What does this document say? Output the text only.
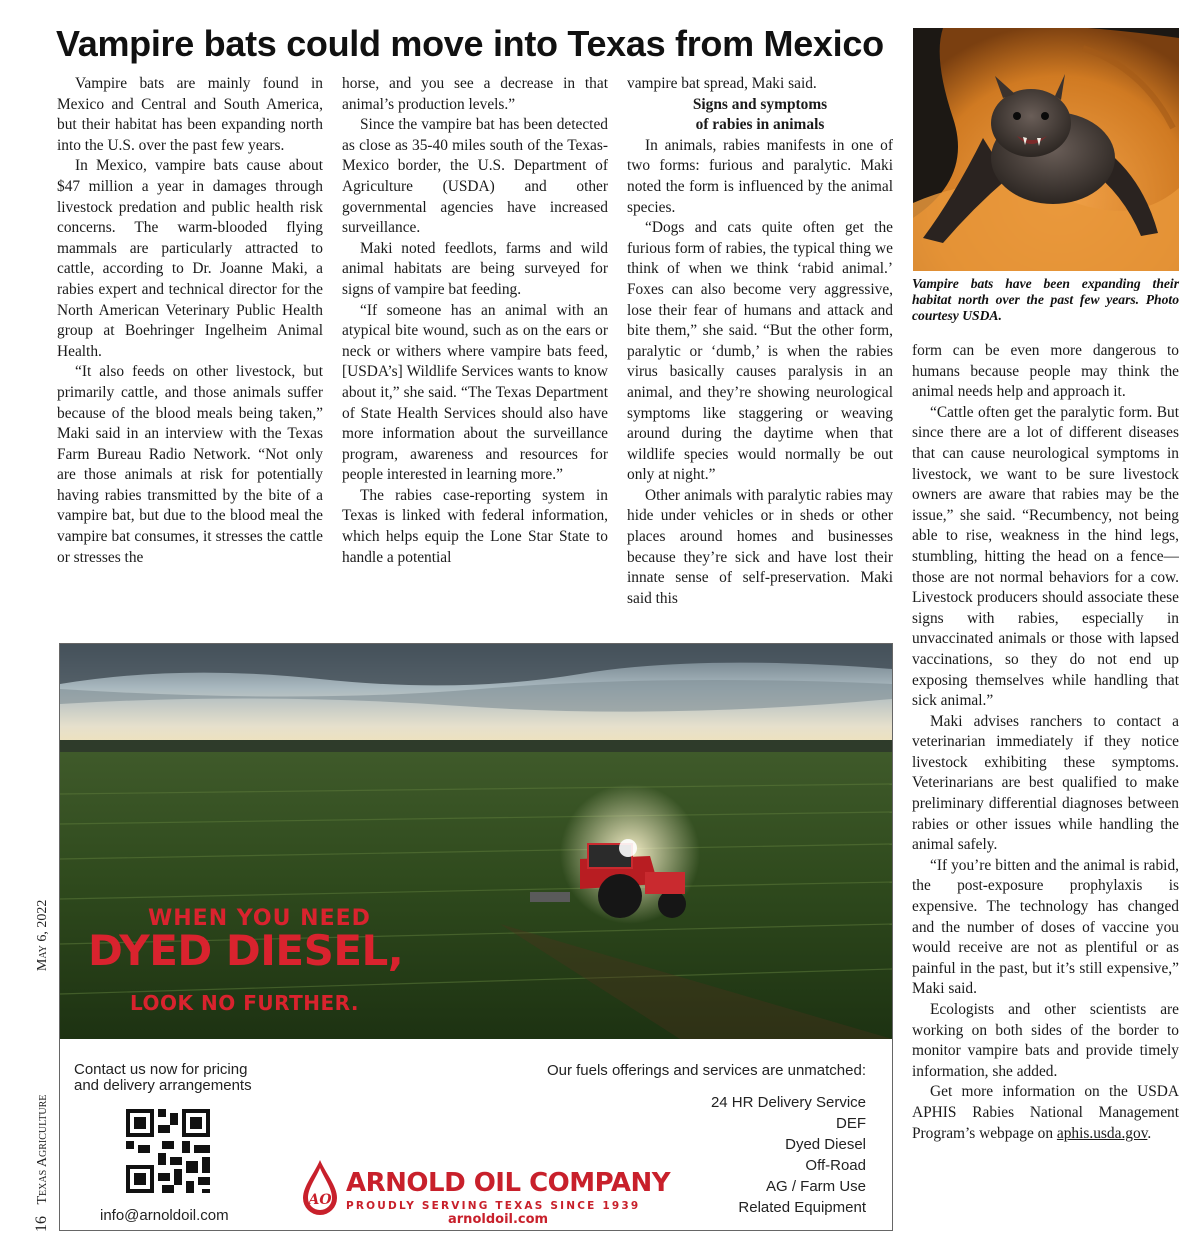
Vampire bats could move into Texas from Mexico

Vampire bats are mainly found in Mexico and Central and South America, but their habitat has been expanding north into the U.S. over the past few years.

In Mexico, vampire bats cause about $47 million a year in damages through livestock predation and public health risk concerns. The warm-blooded flying mammals are particularly attracted to cattle, according to Dr. Joanne Maki, a rabies expert and technical director for the North American Veterinary Public Health group at Boehringer Ingelheim Animal Health.

“It also feeds on other livestock, but primarily cattle, and those animals suffer because of the blood meals being taken,” Maki said in an interview with the Texas Farm Bureau Radio Network. “Not only are those animals at risk for potentially having rabies transmitted by the bite of a vampire bat, but due to the blood meal the vampire bat consumes, it stresses the cattle or stresses the

horse, and you see a decrease in that animal’s production levels.”

Since the vampire bat has been detected as close as 35-40 miles south of the Texas-Mexico border, the U.S. Department of Agriculture (USDA) and other governmental agencies have increased surveillance.

Maki noted feedlots, farms and wild animal habitats are being surveyed for signs of vampire bat feeding.

“If someone has an animal with an atypical bite wound, such as on the ears or neck or withers where vampire bats feed, [USDA’s] Wildlife Services wants to know about it,” she said. “The Texas Department of State Health Services should also have more information about the surveillance program, awareness and resources for people interested in learning more.”

The rabies case-reporting system in Texas is linked with federal information, which helps equip the Lone Star State to handle a potential

vampire bat spread, Maki said.

Signs and symptoms

of rabies in animals

In animals, rabies manifests in one of two forms: furious and paralytic. Maki noted the form is influenced by the animal species.

“Dogs and cats quite often get the furious form of rabies, the typical thing we think of when we think ‘rabid animal.’ Foxes can also become very aggressive, lose their fear of humans and attack and bite them,” she said. “But the other form, paralytic or ‘dumb,’ is when the rabies virus basically causes paralysis in an animal, and they’re showing neurological symptoms like staggering or weaving around during the daytime when that wildlife species would normally be out only at night.”

Other animals with paralytic rabies may hide under vehicles or in sheds or other places around homes and businesses because they’re sick and have lost their innate sense of self-preservation. Maki said this

Vampire bats have been expanding their habitat north over the past few years. Photo courtesy USDA.

form can be even more dangerous to humans because people may think the animal needs help and approach it.

“Cattle often get the paralytic form. But since there are a lot of different diseases that can cause neurological symptoms in livestock, we want to be sure livestock owners are aware that rabies may be the issue,” she said. “Recumbency, not being able to rise, weakness in the hind legs, stumbling, hitting the head on a fence—those are not normal behaviors for a cow. Livestock producers should associate these signs with rabies, especially in unvaccinated animals or those with lapsed vaccinations, so they do not end up exposing themselves while handling that sick animal.”

Maki advises ranchers to contact a veterinarian immediately if they notice livestock exhibiting these symptoms. Veterinarians are best qualified to make preliminary differential diagnoses between rabies or other issues while handling the animal safely.

“If you’re bitten and the animal is rabid, the post-exposure prophylaxis is expensive. The technology has changed and the number of doses of vaccine you would receive are not as plentiful or as painful in the past, but it’s still expensive,” Maki said.

Ecologists and other scientists are working on both sides of the border to monitor vampire bats and provide timely information, she added.

Get more information on the USDA APHIS Rabies National Management Program’s webpage on aphis.usda.gov.

WHEN YOU NEED
DYED DIESEL,
LOOK NO FURTHER.
Contact us now for pricing
and delivery arrangements
info@arnoldoil.com
Our fuels offerings and services are unmatched:
24 HR Delivery Service
DEF
Dyed Diesel
Off-Road
AG / Farm Use
Related Equipment
AO
ARNOLD OIL COMPANY
PROUDLY SERVING TEXAS SINCE 1939
arnoldoil.com
16 Texas Agriculture May 6, 2022
